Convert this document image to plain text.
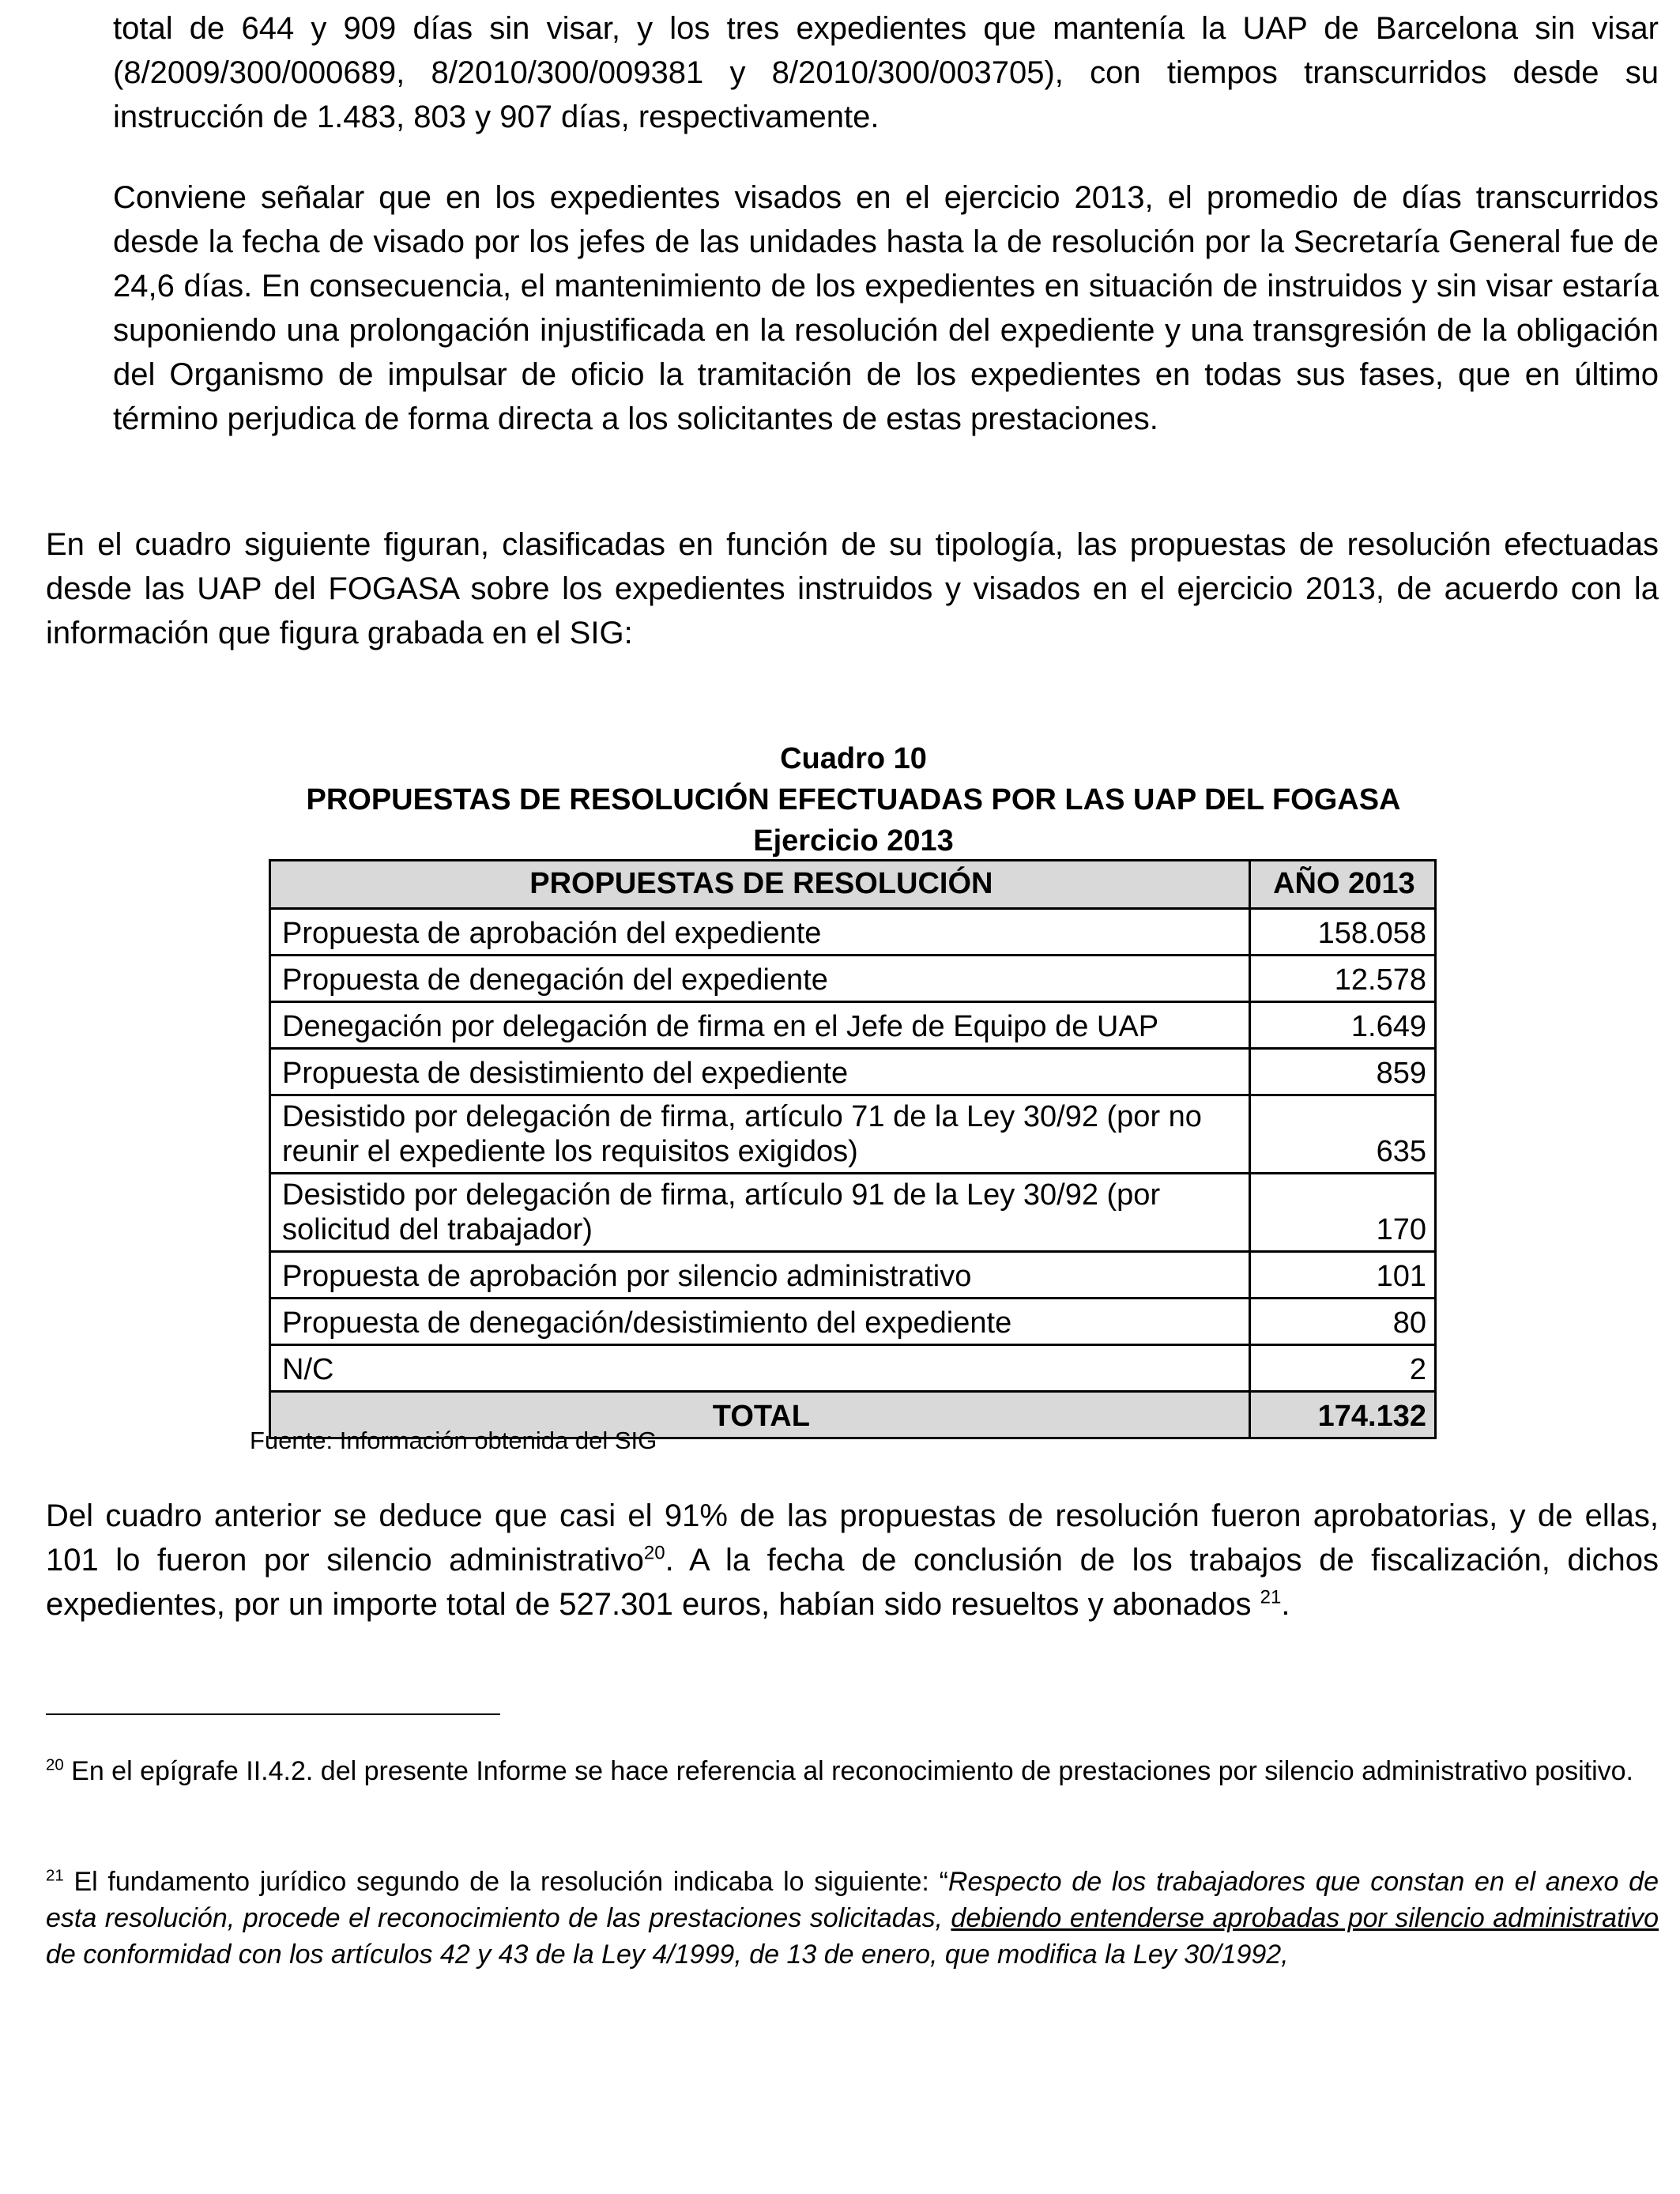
total de 644 y 909 días sin visar, y los tres expedientes que mantenía la UAP de Barcelona sin visar (8/2009/300/000689, 8/2010/300/009381 y 8/2010/300/003705), con tiempos transcurridos desde su instrucción de 1.483, 803 y 907 días, respectivamente.

Conviene señalar que en los expedientes visados en el ejercicio 2013, el promedio de días transcurridos desde la fecha de visado por los jefes de las unidades hasta la de resolución por la Secretaría General fue de 24,6 días. En consecuencia, el mantenimiento de los expedientes en situación de instruidos y sin visar estaría suponiendo una prolongación injustificada en la resolución del expediente y una transgresión de la obligación del Organismo de impulsar de oficio la tramitación de los expedientes en todas sus fases, que en último término perjudica de forma directa a los solicitantes de estas prestaciones.

En el cuadro siguiente figuran, clasificadas en función de su tipología, las propuestas de resolución efectuadas desde las UAP del FOGASA sobre los expedientes instruidos y visados en el ejercicio 2013, de acuerdo con la información que figura grabada en el SIG:

Cuadro 10
PROPUESTAS DE RESOLUCIÓN EFECTUADAS POR LAS UAP DEL FOGASA
Ejercicio 2013
PROPUESTAS DE RESOLUCIÓN	AÑO 2013
Propuesta de aprobación del expediente	158.058
Propuesta de denegación del expediente	12.578
Denegación por delegación de firma en el Jefe de Equipo de UAP	1.649
Propuesta de desistimiento del expediente	859
Desistido por delegación de firma, artículo 71 de la Ley 30/92 (por no reunir el expediente los requisitos exigidos)	635
Desistido por delegación de firma, artículo 91 de la Ley 30/92 (por solicitud del trabajador)	170
Propuesta de aprobación por silencio administrativo	101
Propuesta de denegación/desistimiento del expediente	80
N/C	2
TOTAL	174.132
Fuente: Información obtenida del SIG

Del cuadro anterior se deduce que casi el 91% de las propuestas de resolución fueron aprobatorias, y de ellas, 101 lo fueron por silencio administrativo$^{20}$. A la fecha de conclusión de los trabajos de fiscalización, dichos expedientes, por un importe total de 527.301 euros, habían sido resueltos y abonados $^{21}$.

$^{20}$ En el epígrafe II.4.2. del presente Informe se hace referencia al reconocimiento de prestaciones por silencio administrativo positivo.

$^{21}$ El fundamento jurídico segundo de la resolución indicaba lo siguiente: “Respecto de los trabajadores que constan en el anexo de esta resolución, procede el reconocimiento de las prestaciones solicitadas, debiendo entenderse aprobadas por silencio administrativo de conformidad con los artículos 42 y 43 de la Ley 4/1999, de 13 de enero, que modifica la Ley 30/1992,
